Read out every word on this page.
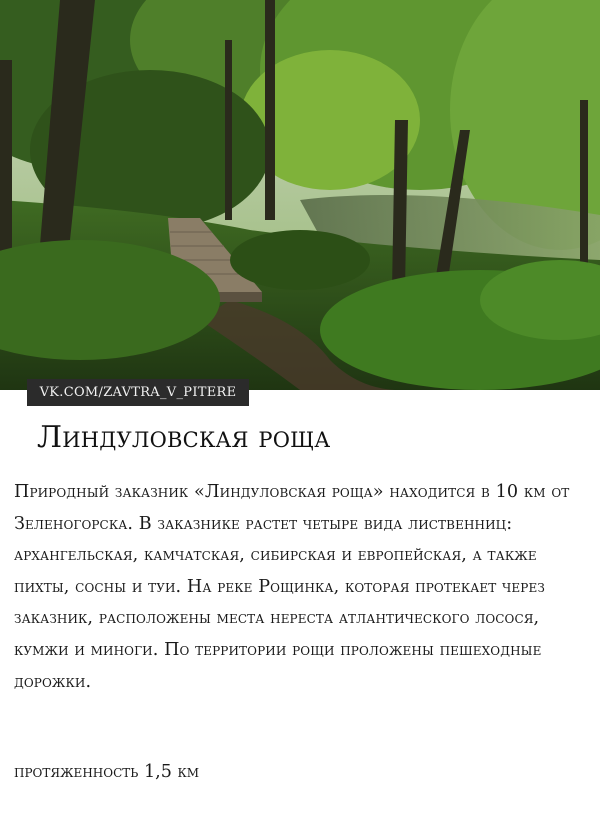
VK.COM/ZAVTRA_V_PITERE
Линдуловская роща

Природный заказник «Линдуловская роща» находится в 10 км от Зеленогорска. В заказнике растет четыре вида лиственниц: архангельская, камчатская, сибирская и европейская, а также пихты, сосны и туи. На реке Рощинка, которая протекает через заказник, расположены места нереста атлантического лосося, кумжи и миноги. По территории рощи проложены пешеходные дорожки.

протяженность 1,5 км
